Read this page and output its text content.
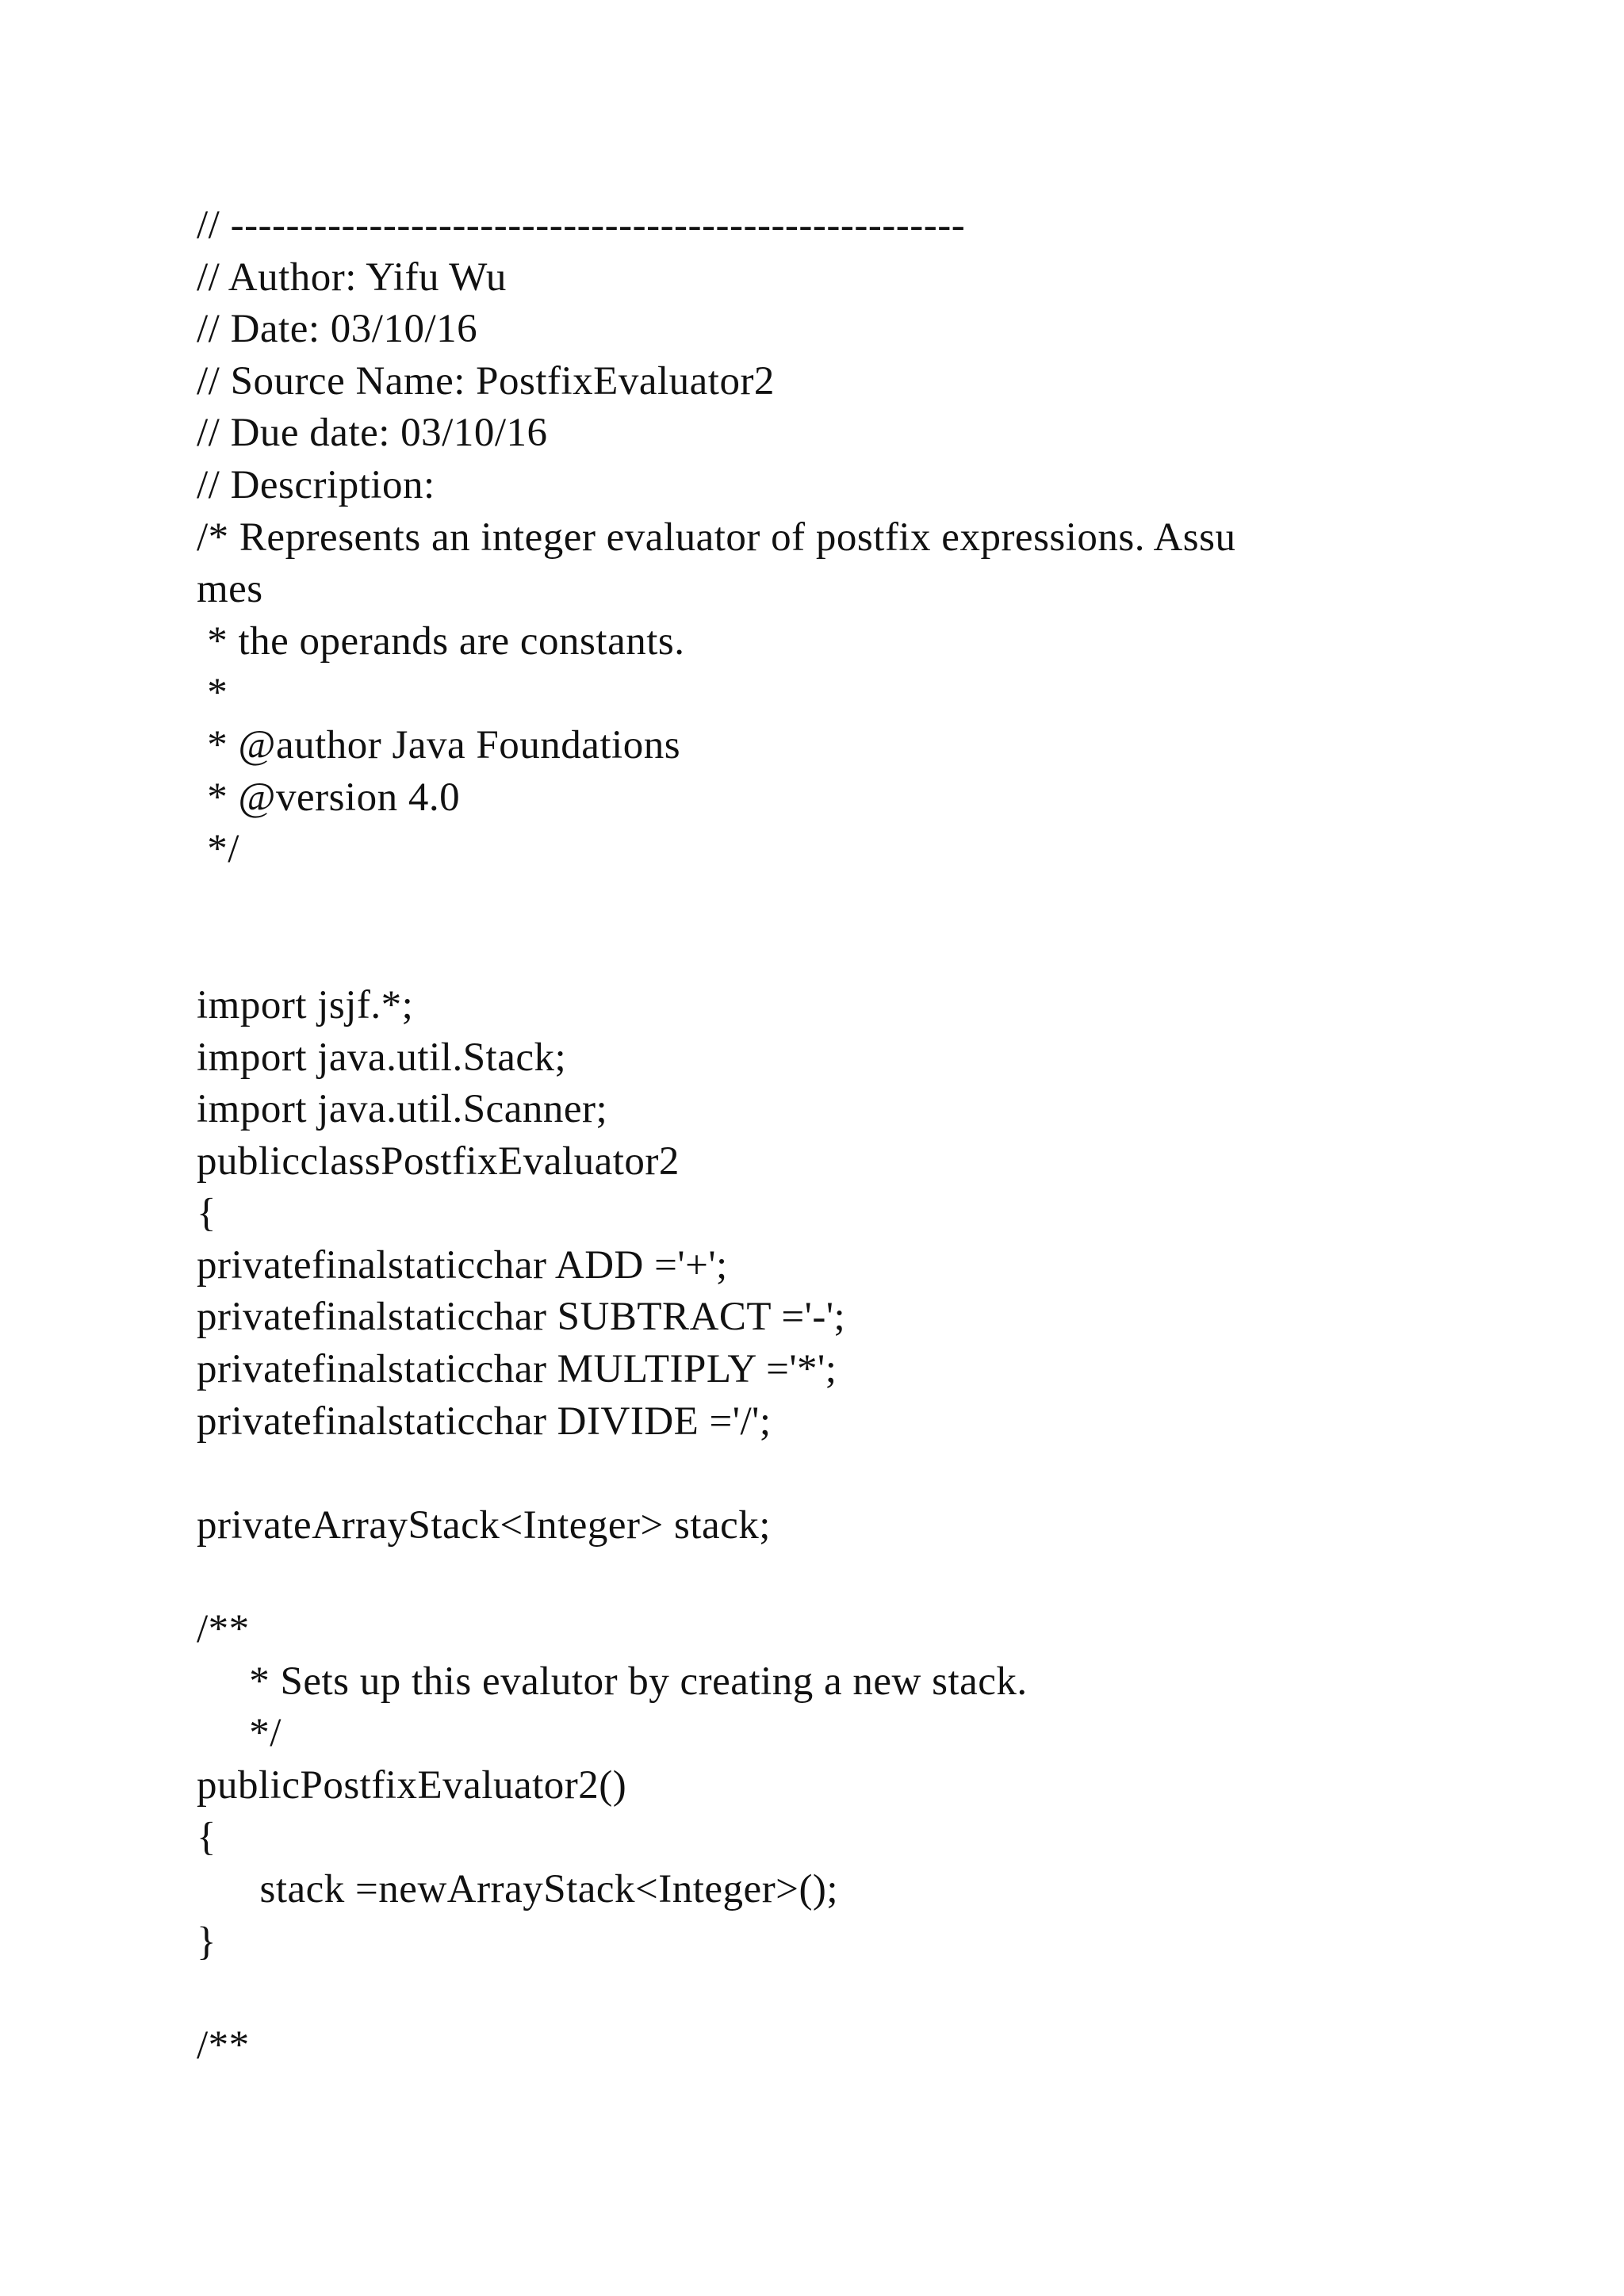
// -----------------------------------------------------
// Author: Yifu Wu
// Date: 03/10/16
// Source Name: PostfixEvaluator2
// Due date: 03/10/16
// Description:
/* Represents an integer evaluator of postfix expressions. Assu
mes
* the operands are constants.
*
* @author Java Foundations
* @version 4.0
*/
import jsjf.*;
import java.util.Stack;
import java.util.Scanner;
publicclassPostfixEvaluator2
{
privatefinalstaticchar ADD ='+';
privatefinalstaticchar SUBTRACT ='-';
privatefinalstaticchar MULTIPLY ='*';
privatefinalstaticchar DIVIDE ='/';
privateArrayStack<Integer> stack;
/**
* Sets up this evalutor by creating a new stack.
*/
publicPostfixEvaluator2()
{
stack =newArrayStack<Integer>();
}
/**
